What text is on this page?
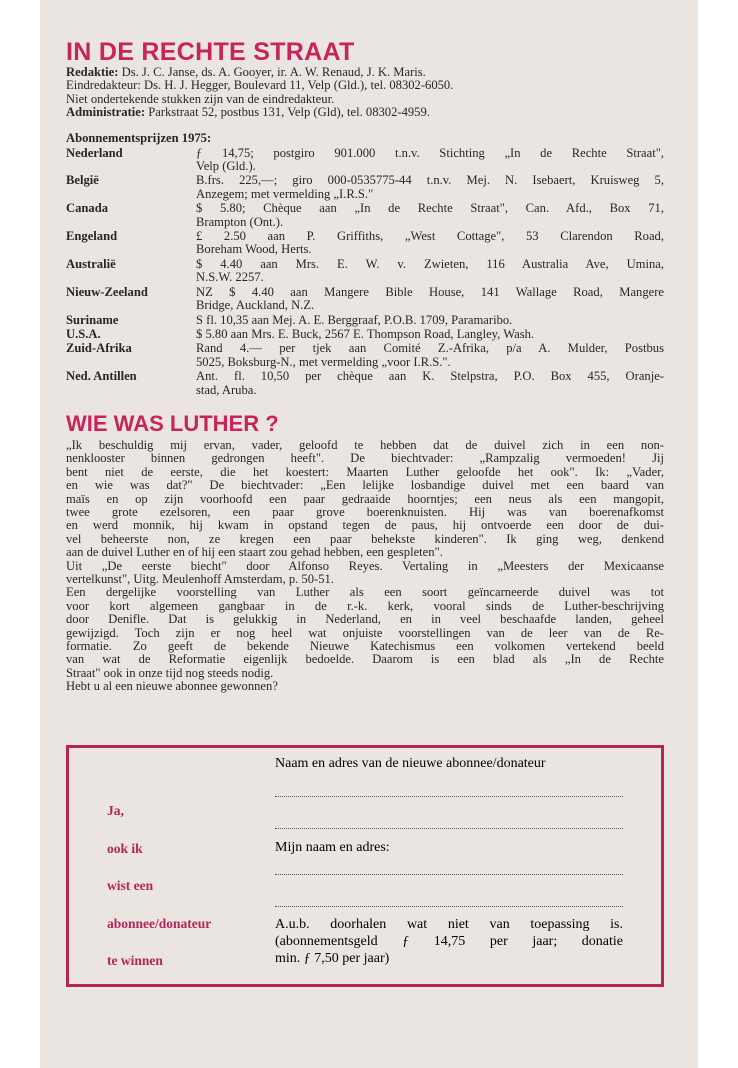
IN DE RECHTE STRAAT
Redaktie: Ds. J. C. Janse, ds. A. Gooyer, ir. A. W. Renaud, J. K. Maris.
Eindredakteur: Ds. H. J. Hegger, Boulevard 11, Velp (Gld.), tel. 08302-6050.
Niet ondertekende stukken zijn van de eindredakteur.
Administratie: Parkstraat 52, postbus 131, Velp (Gld), tel. 08302-4959.
Abonnementsprijzen 1975:
Nederland	ƒ 14,75; postgiro 901.000 t.n.v. Stichting „In de Rechte Straat",
Velp (Gld.).
België	B.frs. 225,—; giro 000-0535775-44 t.n.v. Mej. N. Isebaert, Kruisweg 5,
Anzegem; met vermelding „I.R.S."
Canada	$ 5.80; Chèque aan „In de Rechte Straat", Can. Afd., Box 71,
Brampton (Ont.).
Engeland	£ 2.50 aan P. Griffiths, „West Cottage", 53 Clarendon Road,
Boreham Wood, Herts.
Australië	$ 4.40 aan Mrs. E. W. v. Zwieten, 116 Australia Ave, Umina,
N.S.W. 2257.
Nieuw-Zeeland	NZ $ 4.40 aan Mangere Bible House, 141 Wallage Road, Mangere
Bridge, Auckland, N.Z.
Suriname	S fl. 10,35 aan Mej. A. E. Berggraaf, P.O.B. 1709, Paramaribo.
U.S.A.	$ 5.80 aan Mrs. E. Buck, 2567 E. Thompson Road, Langley, Wash.
Zuid-Afrika	Rand 4.— per tjek aan Comité Z.-Afrika, p/a A. Mulder, Postbus
5025, Boksburg-N., met vermelding „voor I.R.S.".
Ned. Antillen	Ant. fl. 10,50 per chèque aan K. Stelpstra, P.O. Box 455, Oranje-
stad, Aruba.
WIE WAS LUTHER ?
„Ik beschuldig mij ervan, vader, geloofd te hebben dat de duivel zich in een non-
nenklooster binnen gedrongen heeft". De biechtvader: „Rampzalig vermoeden! Jij
bent niet de eerste, die het koestert: Maarten Luther geloofde het ook". Ik: „Vader,
en wie was dat?" De biechtvader: „Een lelijke losbandige duivel met een baard van
maïs en op zijn voorhoofd een paar gedraaide hoorntjes; een neus als een mangopit,
twee grote ezelsoren, een paar grove boerenknuisten. Hij was van boerenafkomst
en werd monnik, hij kwam in opstand tegen de paus, hij ontvoerde een door de dui-
vel beheerste non, ze kregen een paar behekste kinderen". Ik ging weg, denkend
aan de duivel Luther en of hij een staart zou gehad hebben, een gespleten".
Uit „De eerste biecht" door Alfonso Reyes. Vertaling in „Meesters der Mexicaanse
vertelkunst", Uitg. Meulenhoff Amsterdam, p. 50-51.
Een dergelijke voorstelling van Luther als een soort geïncarneerde duivel was tot
voor kort algemeen gangbaar in de r.-k. kerk, vooral sinds de Luther-beschrijving
door Denifle. Dat is gelukkig in Nederland, en in veel beschaafde landen, geheel
gewijzigd. Toch zijn er nog heel wat onjuiste voorstellingen van de leer van de Re-
formatie. Zo geeft de bekende Nieuwe Katechismus een volkomen vertekend beeld
van wat de Reformatie eigenlijk bedoelde. Daarom is een blad als „In de Rechte
Straat" ook in onze tijd nog steeds nodig.
Hebt u al een nieuwe abonnee gewonnen?
Ja,
ook ik
wist een
abonnee/donateur
te winnen
Naam en adres van de nieuwe abonnee/donateur
Mijn naam en adres:
A.u.b. doorhalen wat niet van toepassing is.
(abonnementsgeld ƒ 14,75 per jaar; donatie
min. ƒ 7,50 per jaar)
